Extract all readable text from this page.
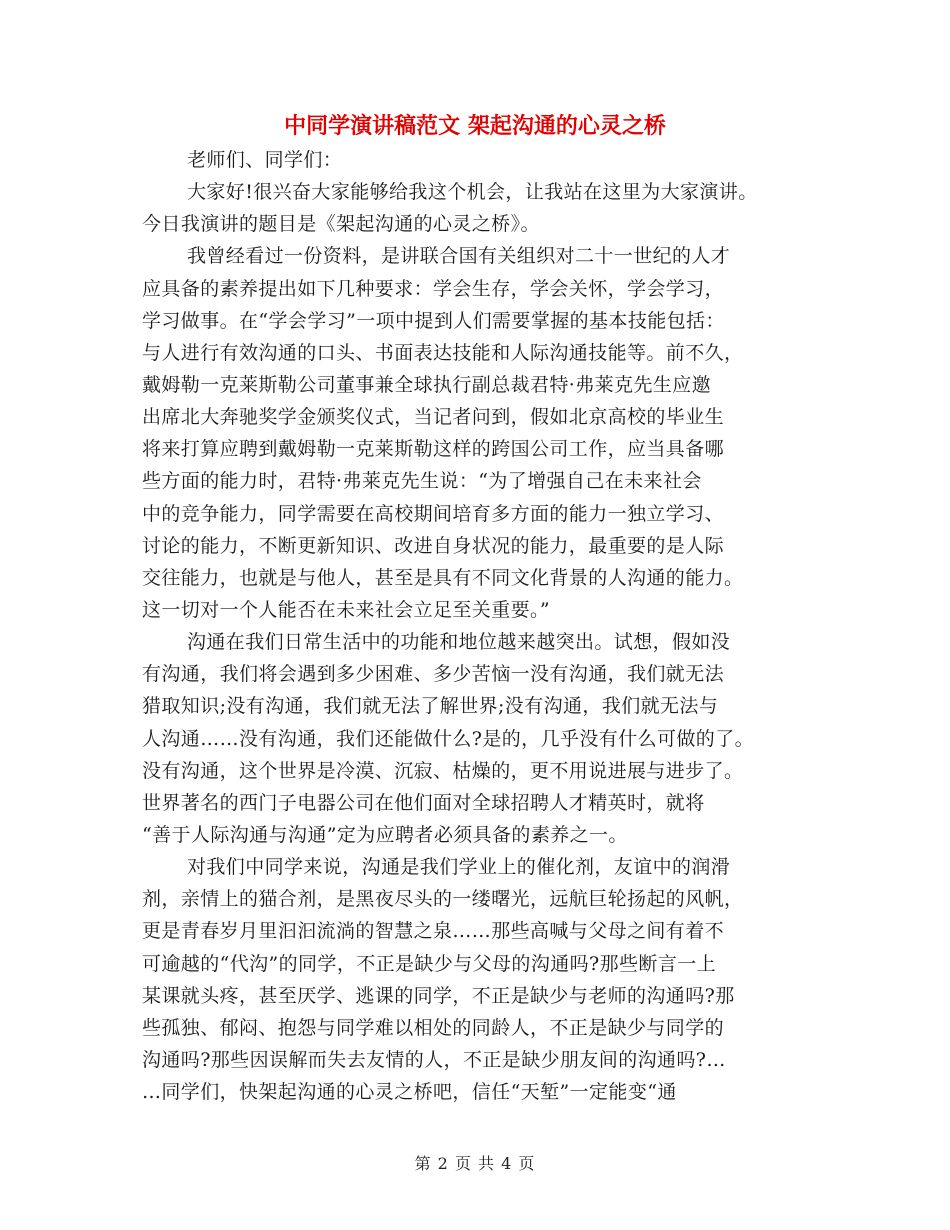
中同学演讲稿范文 架起沟通的心灵之桥
老师们、同学们：
大家好!很兴奋大家能够给我这个机会，让我站在这里为大家演讲。
今日我演讲的题目是《架起沟通的心灵之桥》。
我曾经看过一份资料，是讲联合国有关组织对二十一世纪的人才
应具备的素养提出如下几种要求：学会生存，学会关怀，学会学习，
学习做事。在“学会学习”一项中提到人们需要掌握的基本技能包括：
与人进行有效沟通的口头、书面表达技能和人际沟通技能等。前不久，
戴姆勒一克莱斯勒公司董事兼全球执行副总裁君特·弗莱克先生应邀
出席北大奔驰奖学金颁奖仪式，当记者问到，假如北京高校的毕业生
将来打算应聘到戴姆勒一克莱斯勒这样的跨国公司工作，应当具备哪
些方面的能力时，君特·弗莱克先生说：“为了增强自己在未来社会
中的竞争能力，同学需要在高校期间培育多方面的能力一独立学习、
讨论的能力，不断更新知识、改进自身状况的能力，最重要的是人际
交往能力，也就是与他人，甚至是具有不同文化背景的人沟通的能力。
这一切对一个人能否在未来社会立足至关重要。”
沟通在我们日常生活中的功能和地位越来越突出。试想，假如没
有沟通，我们将会遇到多少困难、多少苦恼一没有沟通，我们就无法
猎取知识;没有沟通，我们就无法了解世界;没有沟通，我们就无法与
人沟通……没有沟通，我们还能做什么?是的，几乎没有什么可做的了。
没有沟通，这个世界是冷漠、沉寂、枯燥的，更不用说进展与进步了。
世界著名的西门子电器公司在他们面对全球招聘人才精英时，就将
“善于人际沟通与沟通”定为应聘者必须具备的素养之一。
对我们中同学来说，沟通是我们学业上的催化剂，友谊中的润滑
剂，亲情上的猫合剂，是黑夜尽头的一缕曙光，远航巨轮扬起的风帆，
更是青春岁月里汩汩流淌的智慧之泉……那些高喊与父母之间有着不
可逾越的“代沟”的同学，不正是缺少与父母的沟通吗?那些断言一上
某课就头疼，甚至厌学、逃课的同学，不正是缺少与老师的沟通吗?那
些孤独、郁闷、抱怨与同学难以相处的同龄人，不正是缺少与同学的
沟通吗?那些因误解而失去友情的人，不正是缺少朋友间的沟通吗?…
…同学们，快架起沟通的心灵之桥吧，信任“天堑”一定能变“通
第 2 页 共 4 页
